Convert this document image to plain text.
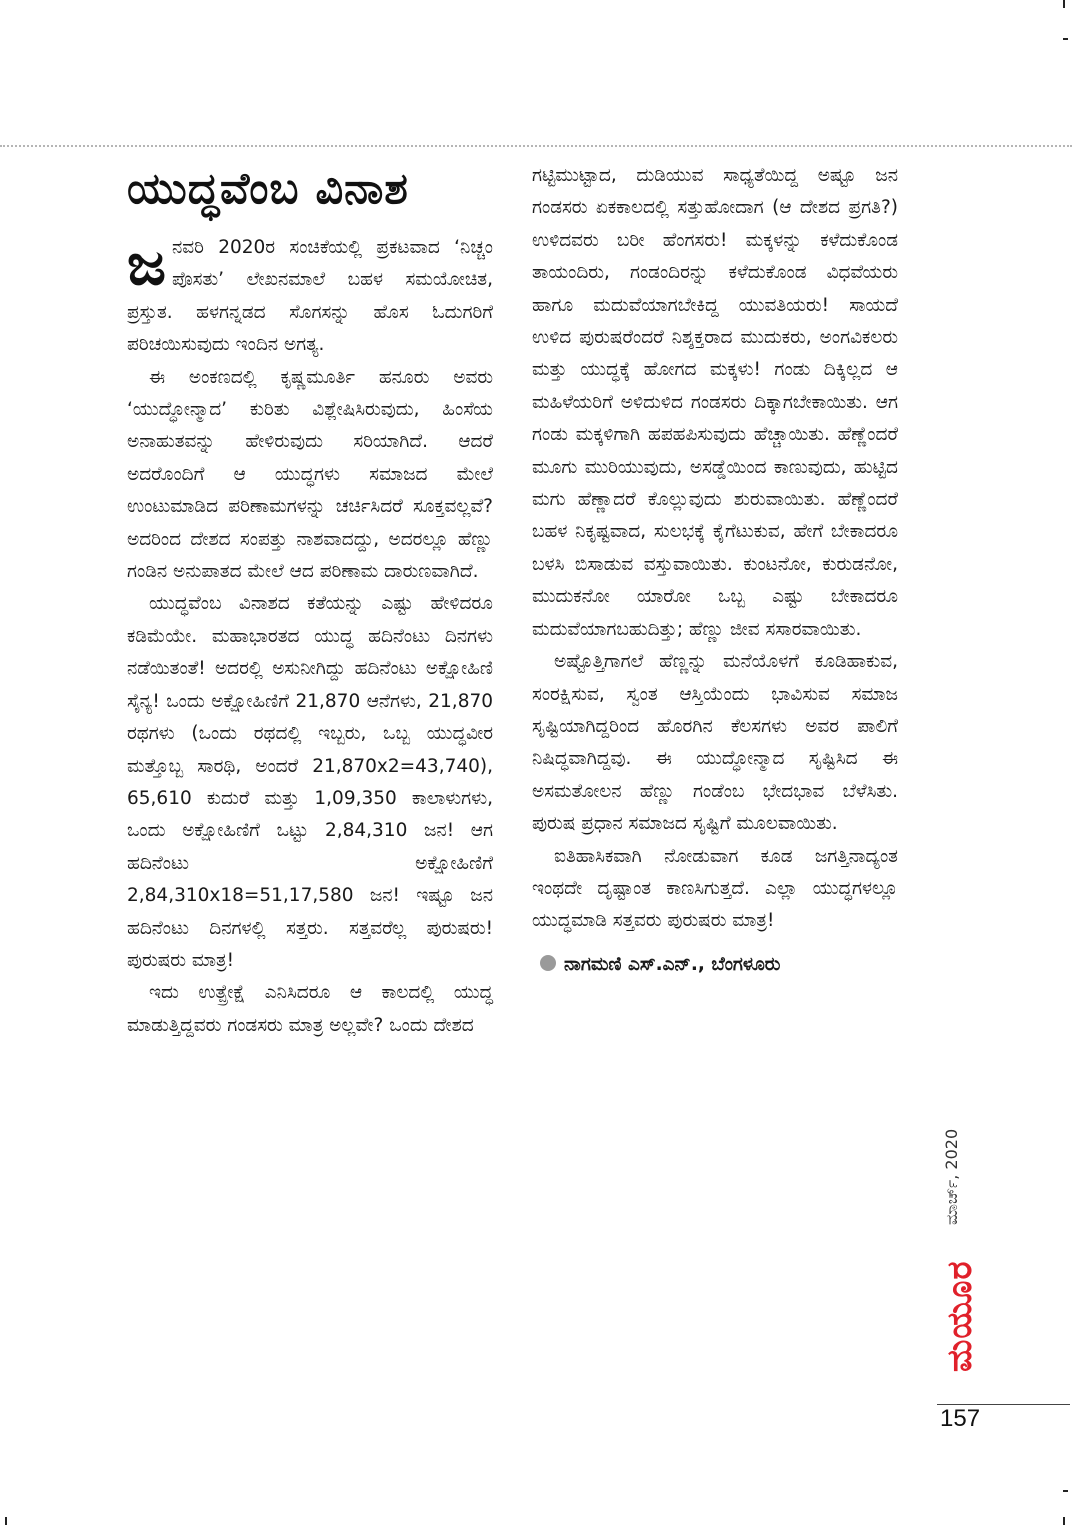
ಯುದ್ಧವೆಂಬ ವಿನಾಶ

ಜನವರಿ 2020ರ ಸಂಚಿಕೆಯಲ್ಲಿ ಪ್ರಕಟವಾದ ‘ನಿಚ್ಚಂ ಪೊಸತು’ ಲೇಖನಮಾಲೆ ಬಹಳ ಸಮಯೋಚಿತ, ಪ್ರಸ್ತುತ. ಹಳಗನ್ನಡದ ಸೊಗಸನ್ನು ಹೊಸ ಓದುಗರಿಗೆ ಪರಿಚಯಿಸುವುದು ಇಂದಿನ ಅಗತ್ಯ.

ಈ ಅಂಕಣದಲ್ಲಿ ಕೃಷ್ಣಮೂರ್ತಿ ಹನೂರು ಅವರು ‘ಯುದ್ಧೋನ್ಮಾದ’ ಕುರಿತು ವಿಶ್ಲೇಷಿಸಿರುವುದು, ಹಿಂಸೆಯ ಅನಾಹುತವನ್ನು ಹೇಳಿರುವುದು ಸರಿಯಾಗಿದೆ. ಆದರೆ ಅದರೊಂದಿಗೆ ಆ ಯುದ್ಧಗಳು ಸಮಾಜದ ಮೇಲೆ ಉಂಟುಮಾಡಿದ ಪರಿಣಾಮಗಳನ್ನು ಚರ್ಚಿಸಿದರೆ ಸೂಕ್ತವಲ್ಲವೆ? ಅದರಿಂದ ದೇಶದ ಸಂಪತ್ತು ನಾಶವಾದದ್ದು, ಅದರಲ್ಲೂ ಹೆಣ್ಣು ಗಂಡಿನ ಅನುಪಾತದ ಮೇಲೆ ಆದ ಪರಿಣಾಮ ದಾರುಣವಾಗಿದೆ.

ಯುದ್ಧವೆಂಬ ವಿನಾಶದ ಕತೆಯನ್ನು ಎಷ್ಟು ಹೇಳಿದರೂ ಕಡಿಮೆಯೇ. ಮಹಾಭಾರತದ ಯುದ್ಧ ಹದಿನೆಂಟು ದಿನಗಳು ನಡೆಯಿತಂತೆ! ಅದರಲ್ಲಿ ಅಸುನೀಗಿದ್ದು ಹದಿನೆಂಟು ಅಕ್ಷೋಹಿಣಿ ಸೈನ್ಯ! ಒಂದು ಅಕ್ಷೋಹಿಣಿಗೆ 21,870 ಆನೆಗಳು, 21,870 ರಥಗಳು (ಒಂದು ರಥದಲ್ಲಿ ಇಬ್ಬರು, ಒಬ್ಬ ಯುದ್ಧವೀರ ಮತ್ತೊಬ್ಬ ಸಾರಥಿ, ಅಂದರೆ 21,870x2=43,740), 65,610 ಕುದುರೆ ಮತ್ತು 1,09,350 ಕಾಲಾಳುಗಳು, ಒಂದು ಅಕ್ಷೋಹಿಣಿಗೆ ಒಟ್ಟು 2,84,310 ಜನ! ಆಗ ಹದಿನೆಂಟು ಅಕ್ಷೋಹಿಣಿಗೆ 2,84,310x18=51,17,580 ಜನ! ಇಷ್ಟೂ ಜನ ಹದಿನೆಂಟು ದಿನಗಳಲ್ಲಿ ಸತ್ತರು. ಸತ್ತವರೆಲ್ಲ ಪುರುಷರು! ಪುರುಷರು ಮಾತ್ರ!

ಇದು ಉತ್ಪ್ರೇಕ್ಷೆ ಎನಿಸಿದರೂ ಆ ಕಾಲದಲ್ಲಿ ಯುದ್ಧ ಮಾಡುತ್ತಿದ್ದವರು ಗಂಡಸರು ಮಾತ್ರ ಅಲ್ಲವೇ? ಒಂದು ದೇಶದ

ಗಟ್ಟಿಮುಟ್ಟಾದ, ದುಡಿಯುವ ಸಾಧ್ಯತೆಯಿದ್ದ ಅಷ್ಟೂ ಜನ ಗಂಡಸರು ಏಕಕಾಲದಲ್ಲಿ ಸತ್ತುಹೋದಾಗ (ಆ ದೇಶದ ಪ್ರಗತಿ?) ಉಳಿದವರು ಬರೀ ಹೆಂಗಸರು! ಮಕ್ಕಳನ್ನು ಕಳೆದುಕೊಂಡ ತಾಯಂದಿರು, ಗಂಡಂದಿರನ್ನು ಕಳೆದುಕೊಂಡ ವಿಧವೆಯರು ಹಾಗೂ ಮದುವೆಯಾಗಬೇಕಿದ್ದ ಯುವತಿಯರು! ಸಾಯದೆ ಉಳಿದ ಪುರುಷರೆಂದರೆ ನಿಶ್ಶಕ್ತರಾದ ಮುದುಕರು, ಅಂಗವಿಕಲರು ಮತ್ತು ಯುದ್ಧಕ್ಕೆ ಹೋಗದ ಮಕ್ಕಳು! ಗಂಡು ದಿಕ್ಕಿಲ್ಲದ ಆ ಮಹಿಳೆಯರಿಗೆ ಅಳಿದುಳಿದ ಗಂಡಸರು ದಿಕ್ಕಾಗಬೇಕಾಯಿತು. ಆಗ ಗಂಡು ಮಕ್ಕಳಿಗಾಗಿ ಹಪಹಪಿಸುವುದು ಹೆಚ್ಚಾಯಿತು. ಹೆಣ್ಣೆಂದರೆ ಮೂಗು ಮುರಿಯುವುದು, ಅಸಡ್ಡೆಯಿಂದ ಕಾಣುವುದು, ಹುಟ್ಟಿದ ಮಗು ಹೆಣ್ಣಾದರೆ ಕೊಲ್ಲುವುದು ಶುರುವಾಯಿತು. ಹೆಣ್ಣೆಂದರೆ ಬಹಳ ನಿಕೃಷ್ಟವಾದ, ಸುಲಭಕ್ಕೆ ಕೈಗೆಟುಕುವ, ಹೇಗೆ ಬೇಕಾದರೂ ಬಳಸಿ ಬಿಸಾಡುವ ವಸ್ತುವಾಯಿತು. ಕುಂಟನೋ, ಕುರುಡನೋ, ಮುದುಕನೋ ಯಾರೋ ಒಬ್ಬ ಎಷ್ಟು ಬೇಕಾದರೂ ಮದುವೆಯಾಗಬಹುದಿತ್ತು; ಹೆಣ್ಣು ಜೀವ ಸಸಾರವಾಯಿತು.

ಅಷ್ಟೊತ್ತಿಗಾಗಲೆ ಹೆಣ್ಣನ್ನು ಮನೆಯೊಳಗೆ ಕೂಡಿಹಾಕುವ, ಸಂರಕ್ಷಿಸುವ, ಸ್ವಂತ ಆಸ್ತಿಯೆಂದು ಭಾವಿಸುವ ಸಮಾಜ ಸೃಷ್ಟಿಯಾಗಿದ್ದರಿಂದ ಹೊರಗಿನ ಕೆಲಸಗಳು ಅವರ ಪಾಲಿಗೆ ನಿಷಿದ್ಧವಾಗಿದ್ದವು. ಈ ಯುದ್ಧೋನ್ಮಾದ ಸೃಷ್ಟಿಸಿದ ಈ ಅಸಮತೋಲನ ಹೆಣ್ಣು ಗಂಡೆಂಬ ಭೇದಭಾವ ಬೆಳೆಸಿತು. ಪುರುಷ ಪ್ರಧಾನ ಸಮಾಜದ ಸೃಷ್ಟಿಗೆ ಮೂಲವಾಯಿತು.

ಐತಿಹಾಸಿಕವಾಗಿ ನೋಡುವಾಗ ಕೂಡ ಜಗತ್ತಿನಾದ್ಯಂತ ಇಂಥದೇ ದೃಷ್ಟಾಂತ ಕಾಣಸಿಗುತ್ತದೆ. ಎಲ್ಲಾ ಯುದ್ಧಗಳಲ್ಲೂ ಯುದ್ಧಮಾಡಿ ಸತ್ತವರು ಪುರುಷರು ಮಾತ್ರ!

ನಾಗಮಣಿ ಎಸ್.ಎನ್., ಬೆಂಗಳೂರು
ಮಾರ್ಚ್, 2020
ಮಯೂರ
157
